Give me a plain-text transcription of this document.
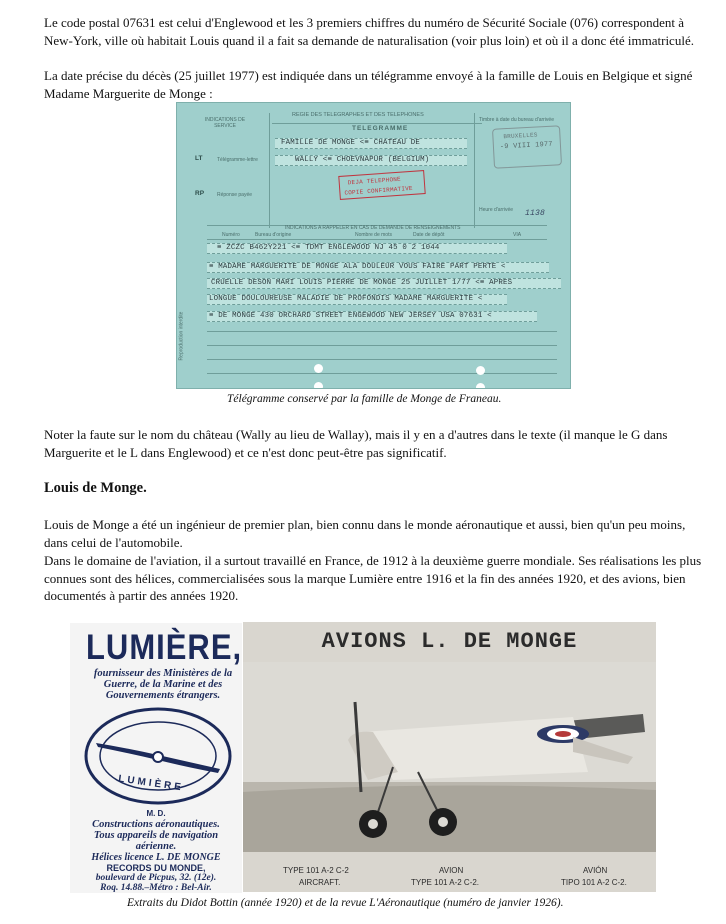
Le code postal 07631 est celui d'Englewood et les 3 premiers chiffres du numéro de Sécurité Sociale (076) correspondent à New-York, ville où habitait Louis quand il a fait sa demande de naturalisation (voir plus loin) et où il a donc été immatriculé.

La date précise du décès (25 juillet 1977) est indiquée dans un télégramme envoyé à la famille de Louis en Belgique et signé Madame Marguerite de Monge :

REGIE DES TELEGRAPHES ET DES TELEPHONES
TELEGRAMME
INDICATIONS DE SERVICE
Timbre à date du bureau d'arrivée
LT	Télégramme-lettre
RP	Réponse payée
FAMILLE DE MONGE <≡ CHATEAU DE
WALLY <≡ CHOEVNAPUR (BELGIUM)
DEJA TELEPHONE
COPIE CONFIRMATIVE
BRUXELLES
-9 VIII 1977
Heure d'arrivée 1138
INDICATIONS A RAPPELER EN CAS DE DEMANDE DE RENSEIGNEMENTS
Numéro	Bureau d'origine	Nombre de mots	Date de dépôt	VIA
≡ ZCZC B462Y221 <≡ TDMT ENGLEWOOD NJ 45 0 2 1044
≡ MADAME MARGUERITE DE MONGE ALA DOULEUR VOUS FAIRE PART PERTE <
CRUELLE DESON MARI LOUIS PIERRE DE MONGE 25 JUILLET 1/77 <≡ APRES
LONGUE DOULOUREUSE MALADIE DE PROFONDIS MADAME MARGUERITE <
≡ DE MONGE 430 ORCHARD STREET ENGEWOOD NEW JERSEY USA 07631 <
Reproduction interdite
Télégramme conservé par la famille de Monge de Franeau.

Noter la faute sur le nom du château (Wally au lieu de Wallay), mais il y en a d'autres dans le texte (il manque le G dans Marguerite et le L dans Englewood) et ce n'est donc peut-être pas significatif.

Louis de Monge.

Louis de Monge a été un ingénieur de premier plan, bien connu dans le monde aéronautique et aussi, bien qu'un peu moins, dans celui de l'automobile.

Dans le domaine de l'aviation, il a surtout travaillé en France, de 1912 à la deuxième guerre mondiale. Ses réalisations les plus connues sont des hélices, commercialisées sous la marque Lumière entre 1916 et la fin des années 1920, et des avions, bien documentés à partir des années 1920.

LUMIÈRE,
fournisseur des Ministères de la Guerre, de la Marine et des Gouvernements étrangers.
LUMIÈRE
M. D.
Constructions aéronautiques.
Tous appareils de navigation aérienne.
Hélices licence L. DE MONGE
RECORDS DU MONDE,
boulevard de Picpus, 32. (12e).
Roq. 14.88.–Métro : Bel-Air.
AVIONS L. DE MONGE
TYPE 101 A-2 C-2
AIRCRAFT.
AVION
TYPE 101 A-2 C-2.
AVIÓN
TIPO 101 A-2 C-2.
Extraits du Didot Bottin (année 1920) et de la revue L'Aéronautique (numéro de janvier 1926).
